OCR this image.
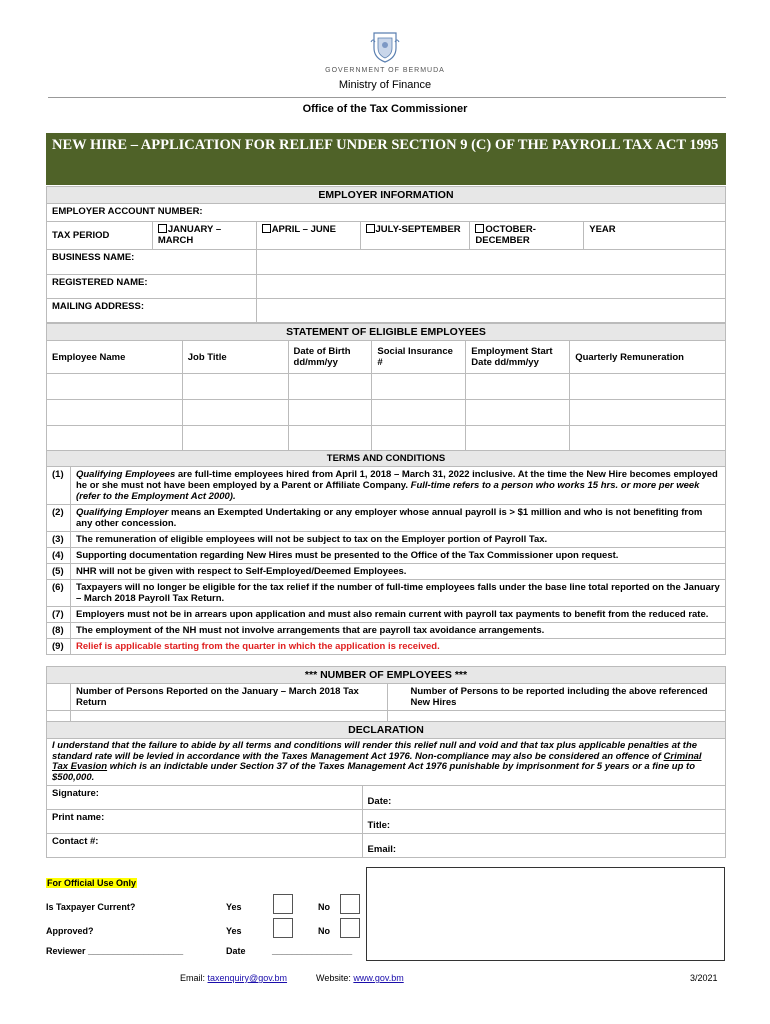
GOVERNMENT OF BERMUDA
Ministry of Finance
Office of the Tax Commissioner
NEW HIRE – APPLICATION FOR RELIEF UNDER SECTION 9 (C) OF THE PAYROLL TAX ACT 1995
EMPLOYER INFORMATION					
EMPLOYER ACCOUNT NUMBER:					
TAX PERIOD	JANUARY – MARCH	APRIL – JUNE	JULY-SEPTEMBER	OCTOBER-DECEMBER	YEAR
BUSINESS NAME:					
REGISTERED NAME:					
MAILING ADDRESS:					
STATEMENT OF ELIGIBLE EMPLOYEES					
Employee Name	Job Title	Date of Birth dd/mm/yy	Social Insurance #	Employment Start Date dd/mm/yy	Quarterly Remuneration

TERMS AND CONDITIONS	
(1)	Qualifying Employees are full-time employees hired from April 1, 2018 – March 31, 2022 inclusive. At the time the New Hire becomes employed he or she must not have been employed by a Parent or Affiliate Company. Full-time refers to a person who works 15 hrs. or more per week (refer to the Employment Act 2000).
(2)	Qualifying Employer means an Exempted Undertaking or any employer whose annual payroll is > $1 million and who is not benefiting from any other concession.
(3)	The remuneration of eligible employees will not be subject to tax on the Employer portion of Payroll Tax.
(4)	Supporting documentation regarding New Hires must be presented to the Office of the Tax Commissioner upon request.
(5)	NHR will not be given with respect to Self-Employed/Deemed Employees.
(6)	Taxpayers will no longer be eligible for the tax relief if the number of full-time employees falls under the base line total reported on the January – March 2018 Payroll Tax Return.
(7)	Employers must not be in arrears upon application and must also remain current with payroll tax payments to benefit from the reduced rate.
(8)	The employment of the NH must not involve arrangements that are payroll tax avoidance arrangements.
(9)	Relief is applicable starting from the quarter in which the application is received.
*** NUMBER OF EMPLOYEES ***		
	Number of Persons Reported on the January – March 2018 Tax Return	Number of Persons to be reported including the above referenced New Hires

DECLARATION	
I understand that the failure to abide by all terms and conditions will render this relief null and void and that tax plus applicable penalties at the standard rate will be levied in accordance with the Taxes Management Act 1976. Non-compliance may also be considered an offence of Criminal Tax Evasion which is an indictable under Section 37 of the Taxes Management Act 1976 punishable by imprisonment for 5 years or a fine up to $500,000.	
Signature:	Date:
Print name:	Title:
Contact #:	Email:
For Official Use Only
Is Taxpayer Current?	Yes	No
Approved?	Yes	No
Reviewer ___________________	Date	________________
Email: taxenquiry@gov.bm	Website: www.gov.bm	3/2021
